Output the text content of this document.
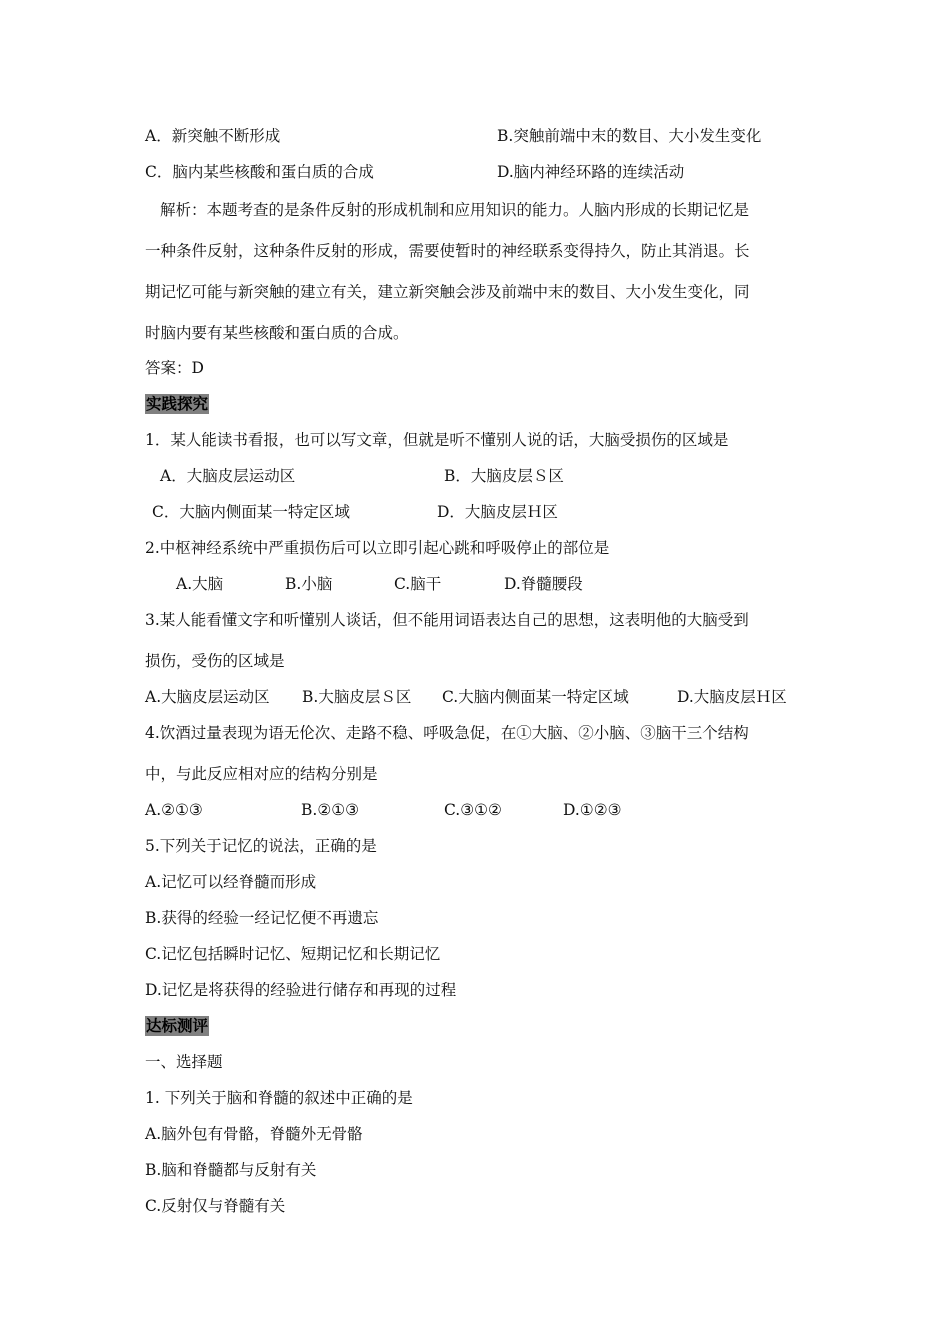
A．新突触不断形成	B.突触前端中末的数目、大小发生变化
C．脑内某些核酸和蛋白质的合成	D.脑内神经环路的连续活动
解析：本题考查的是条件反射的形成机制和应用知识的能力。人脑内形成的长期记忆是
一种条件反射，这种条件反射的形成，需要使暂时的神经联系变得持久，防止其消退。长
期记忆可能与新突触的建立有关，建立新突触会涉及前端中末的数目、大小发生变化，同
时脑内要有某些核酸和蛋白质的合成。
答案：D
实践探究
1．某人能读书看报，也可以写文章，但就是听不懂别人说的话，大脑受损伤的区域是
A．大脑皮层运动区	B．大脑皮层Ｓ区
C．大脑内侧面某一特定区域	D．大脑皮层Ｈ区
2.中枢神经系统中严重损伤后可以立即引起心跳和呼吸停止的部位是
A.大脑	B.小脑	C.脑干	D.脊髓腰段
3.某人能看懂文字和听懂别人谈话，但不能用词语表达自己的思想，这表明他的大脑受到
损伤，受伤的区域是
A.大脑皮层运动区 B.大脑皮层Ｓ区 C.大脑内侧面某一特定区域	D.大脑皮层Ｈ区
4.饮酒过量表现为语无伦次、走路不稳、呼吸急促，在①大脑、②小脑、③脑干三个结构
中，与此反应相对应的结构分别是
A.②①③	B.②①③	C.③①②	D.①②③
5.下列关于记忆的说法，正确的是
A.记忆可以经脊髓而形成
B.获得的经验一经记忆便不再遗忘
C.记忆包括瞬时记忆、短期记忆和长期记忆
D.记忆是将获得的经验进行储存和再现的过程
达标测评
一、选择题
1. 下列关于脑和脊髓的叙述中正确的是
A.脑外包有骨骼，脊髓外无骨骼
B.脑和脊髓都与反射有关
C.反射仅与脊髓有关
